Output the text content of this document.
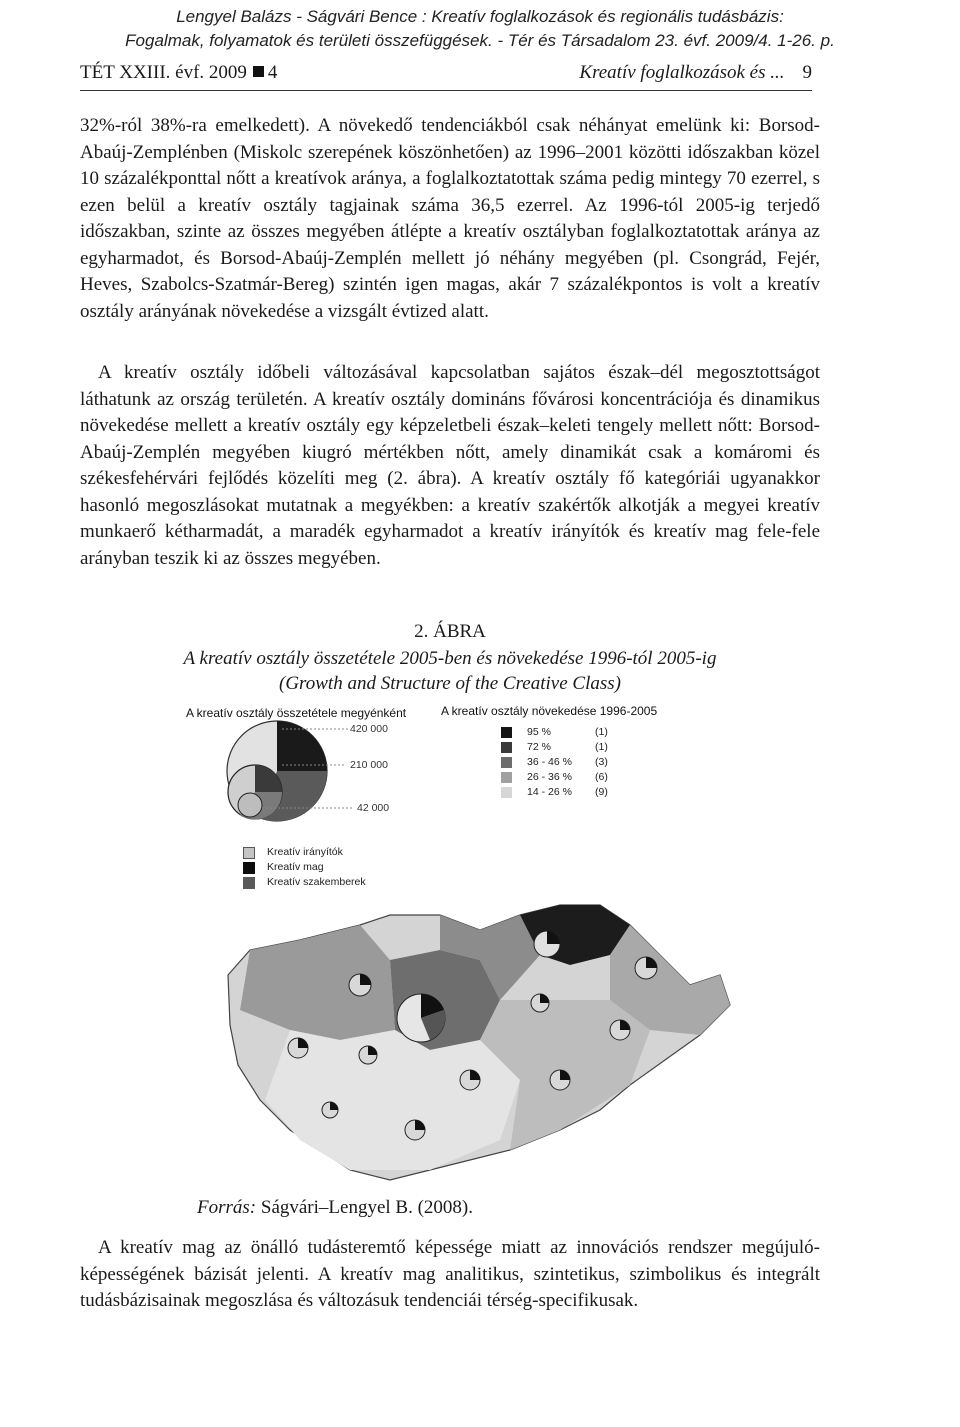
Lengyel Balázs - Ságvári Bence : Kreatív foglalkozások és regionális tudásbázis:
Fogalmak, folyamatok és területi összefüggések. - Tér és Társadalom 23. évf. 2009/4. 1-26. p.
TÉT XXIII. évf. 2009 4	Kreatív foglalkozások és ... 9

32%-ról 38%-ra emelkedett). A növekedő tendenciákból csak néhányat emelünk ki: Borsod-Abaúj-Zemplénben (Miskolc szerepének köszönhetően) az 1996–2001 közötti időszakban közel 10 százalékponttal nőtt a kreatívok aránya, a foglalkoztatottak száma pedig mintegy 70 ezerrel, s ezen belül a kreatív osztály tagjainak száma 36,5 ezerrel. Az 1996-tól 2005-ig terjedő időszakban, szinte az összes megyében átlépte a kreatív osztályban foglalkoztatottak aránya az egyharmadot, és Borsod-Abaúj-Zemplén mellett jó néhány megyében (pl. Csongrád, Fejér, Heves, Szabolcs-Szatmár-Bereg) szintén igen magas, akár 7 százalékpontos is volt a kreatív osztály arányának növekedése a vizsgált évtized alatt.

A kreatív osztály időbeli változásával kapcsolatban sajátos észak–dél megosztottságot láthatunk az ország területén. A kreatív osztály domináns fővárosi koncentrációja és dinamikus növekedése mellett a kreatív osztály egy képzeletbeli észak–keleti tengely mellett nőtt: Borsod-Abaúj-Zemplén megyében kiugró mértékben nőtt, amely dinamikát csak a komáromi és székesfehérvári fejlődés közelíti meg (2. ábra). A kreatív osztály fő kategóriái ugyanakkor hasonló megoszlásokat mutatnak a megyékben: a kreatív szakértők alkotják a megyei kreatív munkaerő kétharmadát, a maradék egyharmadot a kreatív irányítók és kreatív mag fele-fele arányban teszik ki az összes megyében.

2. ÁBRA
A kreatív osztály összetétele 2005-ben és növekedése 1996-tól 2005-ig
(Growth and Structure of the Creative Class)
A kreatív osztály összetétele megyénként	A kreatív osztály növekedése 1996-2005
420 000
210 000
42 000
95 %	(1)
72 %	(1)
36 - 46 % (3)
26 - 36 % (6)
14 - 26 % (9)
Kreatív irányítók
Kreatív mag
Kreatív szakemberek
Forrás: Ságvári–Lengyel B. (2008).

A kreatív mag az önálló tudásteremtő képessége miatt az innovációs rendszer megújuló-képességének bázisát jelenti. A kreatív mag analitikus, szintetikus, szimbolikus és integrált tudásbázisainak megoszlása és változásuk tendenciái térség-specifikusak.
